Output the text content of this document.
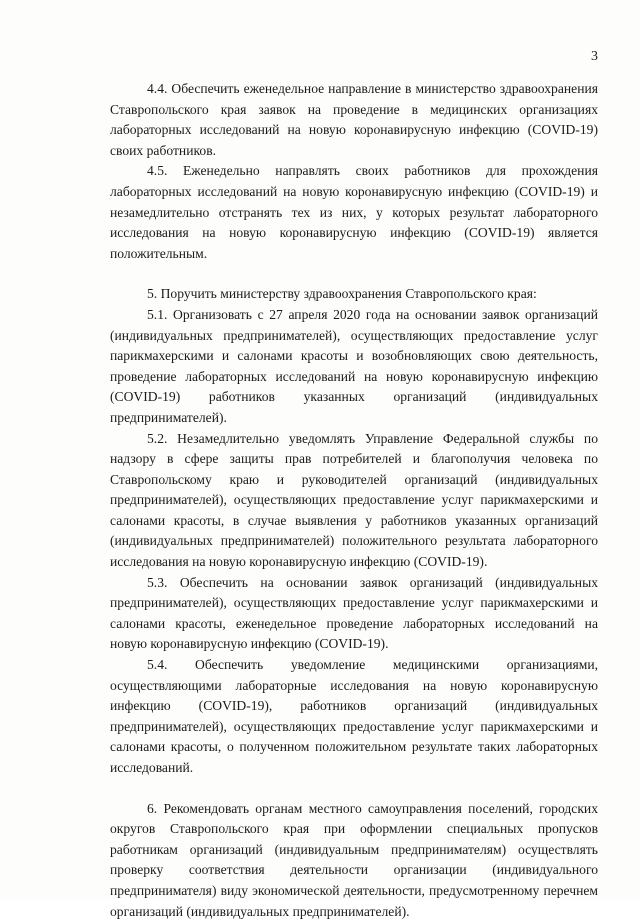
3

4.4. Обеспечить еженедельное направление в министерство здравоохранения Ставропольского края заявок на проведение в медицинских организациях лабораторных исследований на новую коронавирусную инфекцию (COVID-19) своих работников.

4.5. Еженедельно направлять своих работников для прохождения лабораторных исследований на новую коронавирусную инфекцию (COVID-19) и незамедлительно отстранять тех из них, у которых результат лабораторного исследования на новую коронавирусную инфекцию (COVID-19) является положительным.

5. Поручить министерству здравоохранения Ставропольского края:

5.1. Организовать с 27 апреля 2020 года на основании заявок организаций (индивидуальных предпринимателей), осуществляющих предоставление услуг парикмахерскими и салонами красоты и возобновляющих свою деятельность, проведение лабораторных исследований на новую коронавирусную инфекцию (COVID-19) работников указанных организаций (индивидуальных предпринимателей).

5.2. Незамедлительно уведомлять Управление Федеральной службы по надзору в сфере защиты прав потребителей и благополучия человека по Ставропольскому краю и руководителей организаций (индивидуальных предпринимателей), осуществляющих предоставление услуг парикмахерскими и салонами красоты, в случае выявления у работников указанных организаций (индивидуальных предпринимателей) положительного результата лабораторного исследования на новую коронавирусную инфекцию (COVID-19).

5.3. Обеспечить на основании заявок организаций (индивидуальных предпринимателей), осуществляющих предоставление услуг парикмахерскими и салонами красоты, еженедельное проведение лабораторных исследований на новую коронавирусную инфекцию (COVID-19).

5.4. Обеспечить уведомление медицинскими организациями, осуществляющими лабораторные исследования на новую коронавирусную инфекцию (COVID-19), работников организаций (индивидуальных предпринимателей), осуществляющих предоставление услуг парикмахерскими и салонами красоты, о полученном положительном результате таких лабораторных исследований.

6. Рекомендовать органам местного самоуправления поселений, городских округов Ставропольского края при оформлении специальных пропусков работникам организаций (индивидуальным предпринимателям) осуществлять проверку соответствия деятельности организации (индивидуального предпринимателя) виду экономической деятельности, предусмотренному перечнем организаций (индивидуальных предпринимателей).
